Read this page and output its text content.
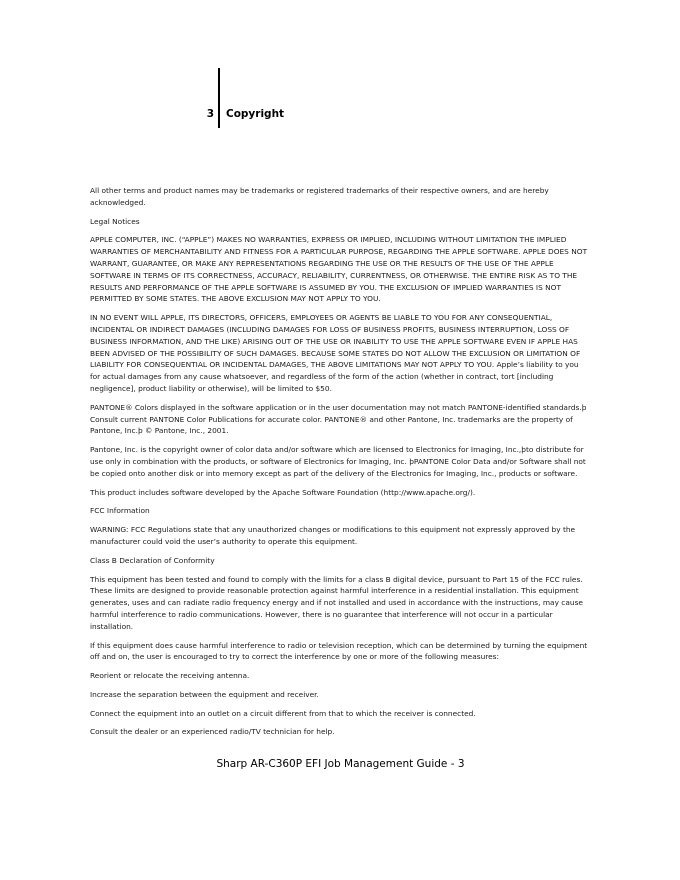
3 Copyright

All other terms and product names may be trademarks or registered trademarks of their respective owners, and are hereby acknowledged.

Legal Notices

APPLE COMPUTER, INC. (“APPLE”) MAKES NO WARRANTIES, EXPRESS OR IMPLIED, INCLUDING WITHOUT LIMITATION THE IMPLIED WARRANTIES OF MERCHANTABILITY AND FITNESS FOR A PARTICULAR PURPOSE, REGARDING THE APPLE SOFTWARE. APPLE DOES NOT WARRANT, GUARANTEE, OR MAKE ANY REPRESENTATIONS REGARDING THE USE OR THE RESULTS OF THE USE OF THE APPLE SOFTWARE IN TERMS OF ITS CORRECTNESS, ACCURACY, RELIABILITY, CURRENTNESS, OR OTHERWISE. THE ENTIRE RISK AS TO THE RESULTS AND PERFORMANCE OF THE APPLE SOFTWARE IS ASSUMED BY YOU. THE EXCLUSION OF IMPLIED WARRANTIES IS NOT PERMITTED BY SOME STATES. THE ABOVE EXCLUSION MAY NOT APPLY TO YOU.

IN NO EVENT WILL APPLE, ITS DIRECTORS, OFFICERS, EMPLOYEES OR AGENTS BE LIABLE TO YOU FOR ANY CONSEQUENTIAL, INCIDENTAL OR INDIRECT DAMAGES (INCLUDING DAMAGES FOR LOSS OF BUSINESS PROFITS, BUSINESS INTERRUPTION, LOSS OF BUSINESS INFORMATION, AND THE LIKE) ARISING OUT OF THE USE OR INABILITY TO USE THE APPLE SOFTWARE EVEN IF APPLE HAS BEEN ADVISED OF THE POSSIBILITY OF SUCH DAMAGES. BECAUSE SOME STATES DO NOT ALLOW THE EXCLUSION OR LIMITATION OF LIABILITY FOR CONSEQUENTIAL OR INCIDENTAL DAMAGES, THE ABOVE LIMITATIONS MAY NOT APPLY TO YOU. Apple’s liability to you for actual damages from any cause whatsoever, and regardless of the form of the action (whether in contract, tort [including negligence], product liability or otherwise), will be limited to $50.

PANTONE® Colors displayed in the software application or in the user documentation may not match PANTONE-identified standards.þ Consult current PANTONE Color Publications for accurate color. PANTONE® and other Pantone, Inc. trademarks are the property of Pantone, Inc.þ © Pantone, Inc., 2001.

Pantone, Inc. is the copyright owner of color data and/or software which are licensed to Electronics for Imaging, Inc.,þto distribute for use only in combination with the products, or software of Electronics for Imaging, Inc. þPANTONE Color Data and/or Software shall not be copied onto another disk or into memory except as part of the delivery of the Electronics for Imaging, Inc., products or software.

This product includes software developed by the Apache Software Foundation (http://www.apache.org/).

FCC Information

WARNING: FCC Regulations state that any unauthorized changes or modifications to this equipment not expressly approved by the manufacturer could void the user’s authority to operate this equipment.

Class B Declaration of Conformity

This equipment has been tested and found to comply with the limits for a class B digital device, pursuant to Part 15 of the FCC rules. These limits are designed to provide reasonable protection against harmful interference in a residential installation. This equipment generates, uses and can radiate radio frequency energy and if not installed and used in accordance with the instructions, may cause harmful interference to radio communications. However, there is no guarantee that interference will not occur in a particular installation.

If this equipment does cause harmful interference to radio or television reception, which can be determined by turning the equipment off and on, the user is encouraged to try to correct the interference by one or more of the following measures:

Reorient or relocate the receiving antenna.

Increase the separation between the equipment and receiver.

Connect the equipment into an outlet on a circuit different from that to which the receiver is connected.

Consult the dealer or an experienced radio/TV technician for help.

Sharp AR-C360P EFI Job Management Guide - 3
